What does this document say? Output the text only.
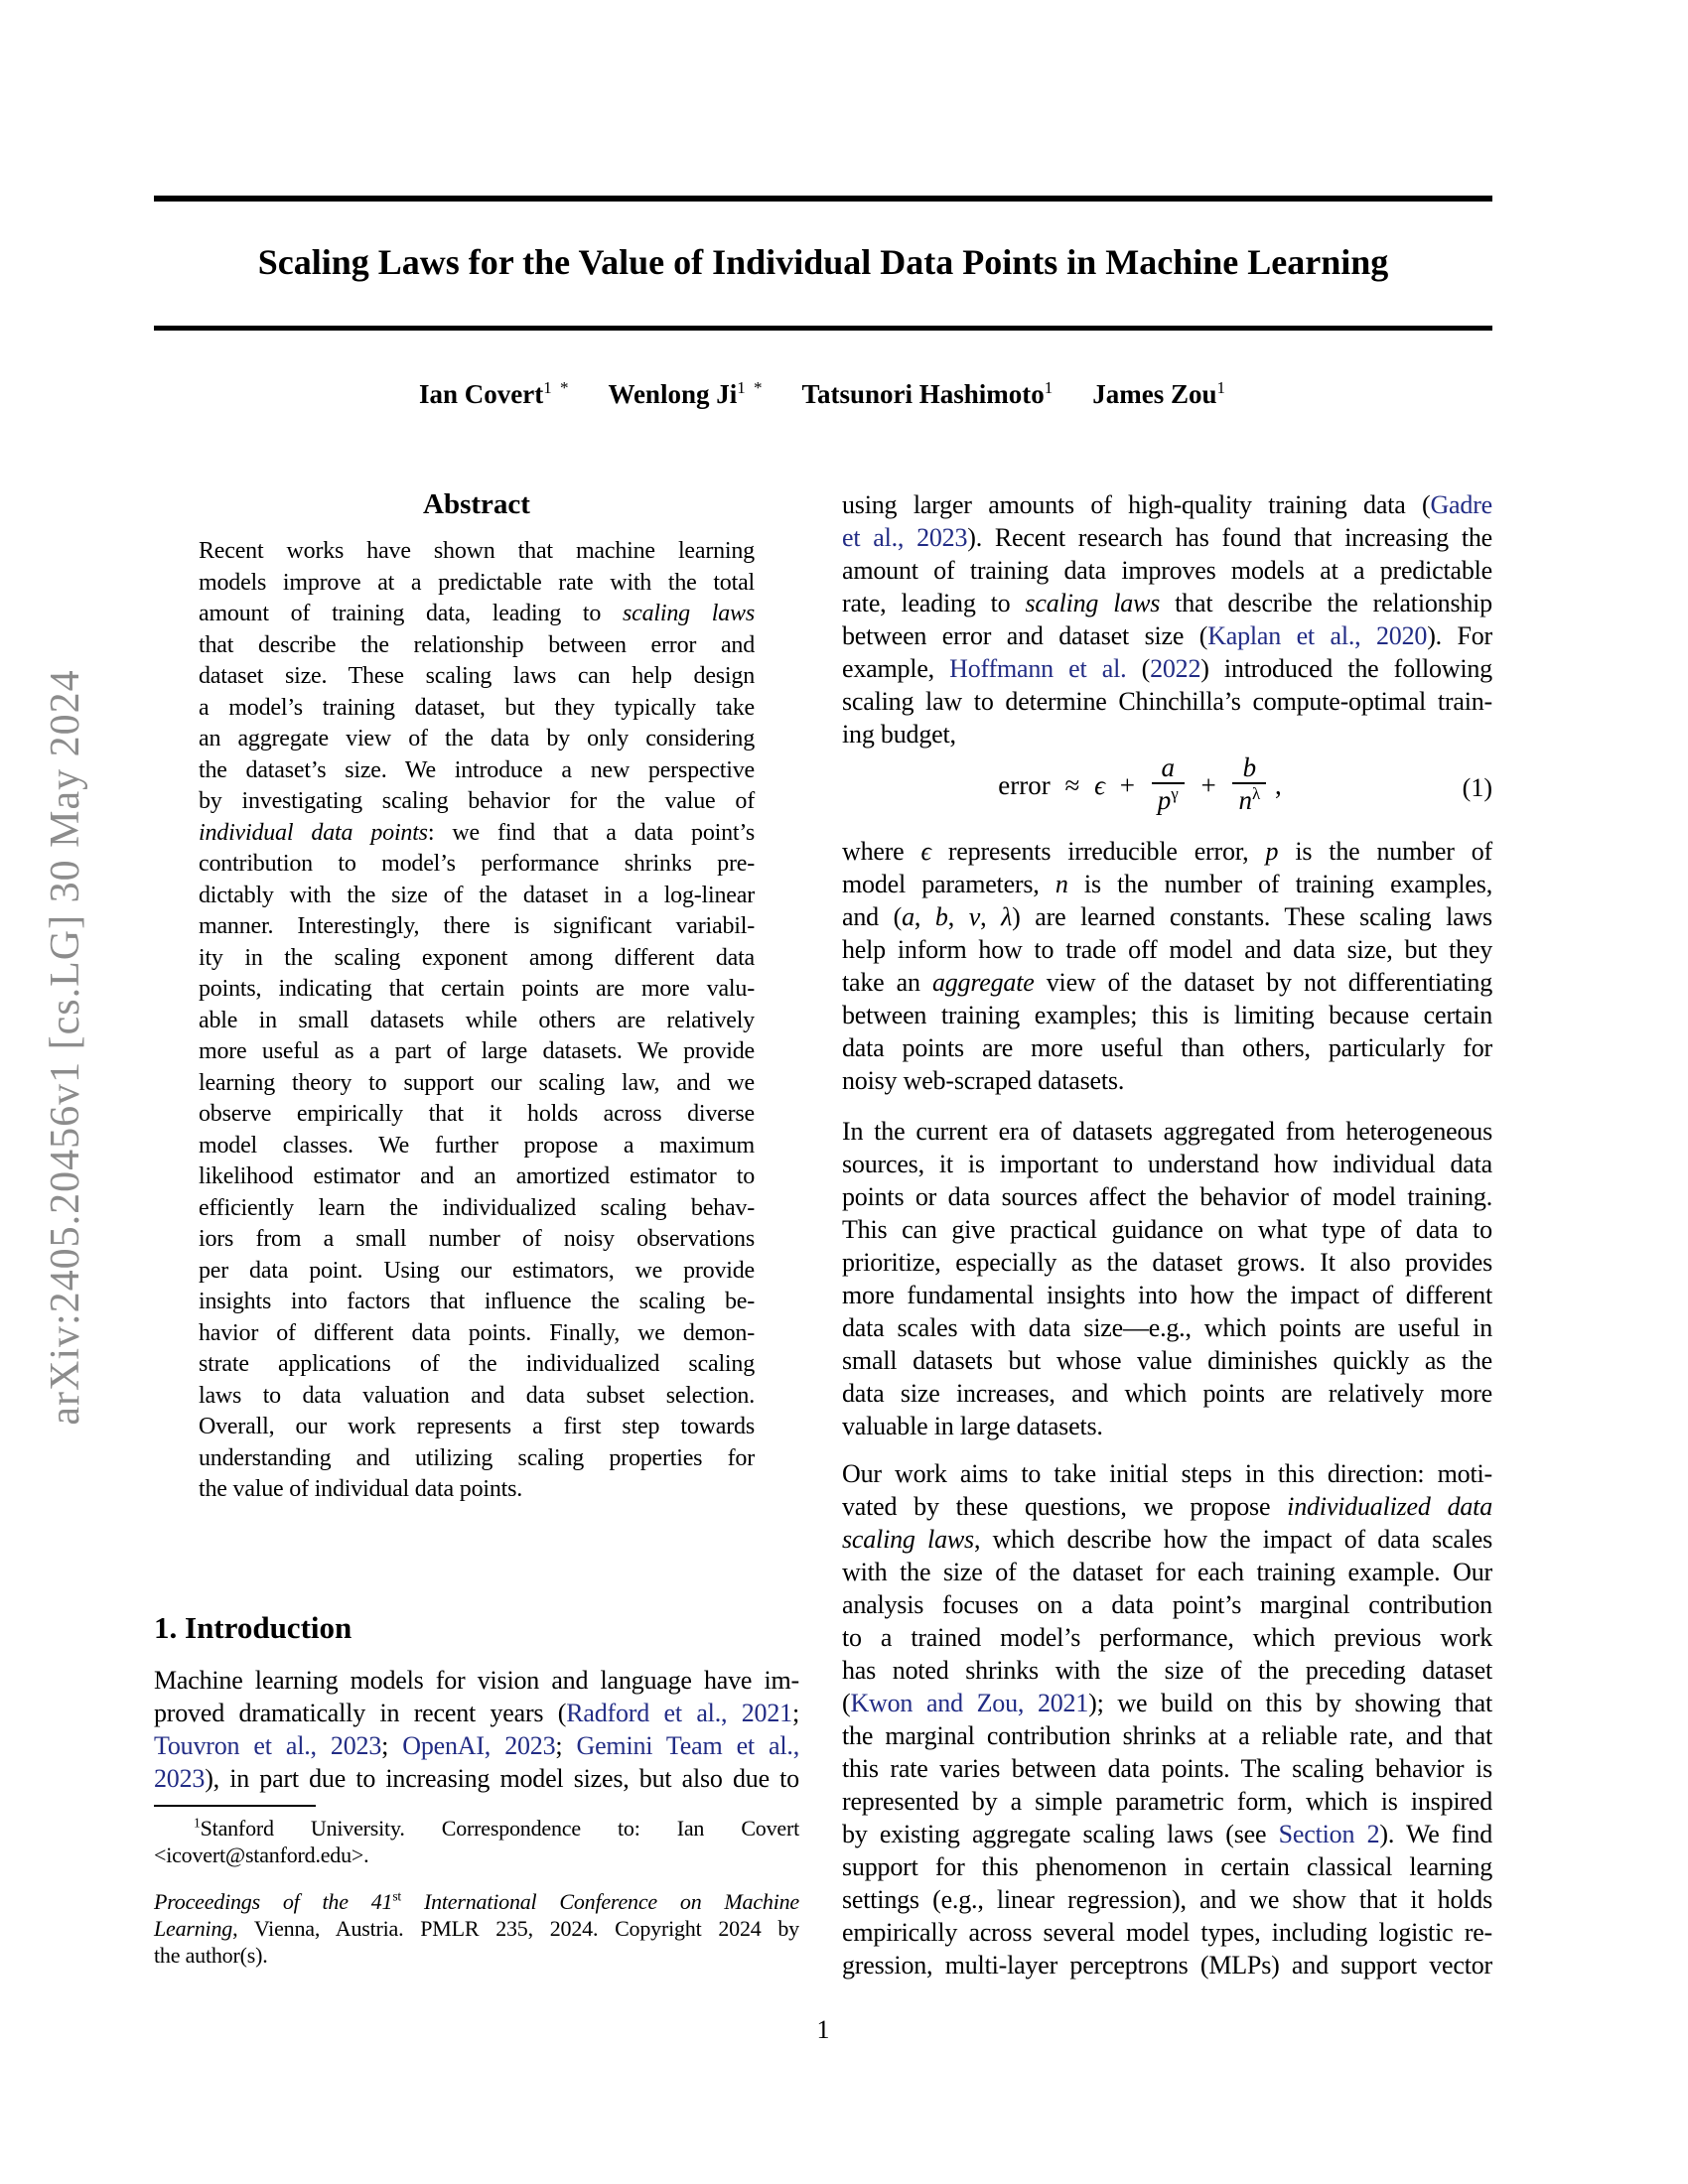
arXiv:2405.20456v1 [cs.LG] 30 May 2024
Scaling Laws for the Value of Individual Data Points in Machine Learning
Ian Covert$^{1 *}$ Wenlong $Ji^{1 *}$ Tatsunori Hashimoto$^1$ James Zou$^1$
Abstract
Recent works have shown that machine learning
models improve at a predictable rate with the total
amount of training data, leading to scaling laws
that describe the relationship between error and
dataset size. These scaling laws can help design
a model’s training dataset, but they typically take
an aggregate view of the data by only considering
the dataset’s size. We introduce a new perspective
by investigating scaling behavior for the value of
individual data points: we find that a data point’s
contribution to model’s performance shrinks pre-
dictably with the size of the dataset in a log-linear
manner. Interestingly, there is significant variabil-
ity in the scaling exponent among different data
points, indicating that certain points are more valu-
able in small datasets while others are relatively
more useful as a part of large datasets. We provide
learning theory to support our scaling law, and we
observe empirically that it holds across diverse
model classes. We further propose a maximum
likelihood estimator and an amortized estimator to
efficiently learn the individualized scaling behav-
iors from a small number of noisy observations
per data point. Using our estimators, we provide
insights into factors that influence the scaling be-
havior of different data points. Finally, we demon-
strate applications of the individualized scaling
laws to data valuation and data subset selection.
Overall, our work represents a first step towards
understanding and utilizing scaling properties for
the value of individual data points.
1. Introduction
Machine learning models for vision and language have im-
proved dramatically in recent years (Radford et al., 2021;
Touvron et al., 2023; OpenAI, 2023; Gemini Team et al.,
2023), in part due to increasing model sizes, but also due to
$^1$Stanford University. Correspondence to: Ian Covert
<icovert@stanford.edu>.
Proceedings of the 41st International Conference on Machine
Learning, Vienna, Austria. PMLR 235, 2024. Copyright 2024 by
the author(s).
using larger amounts of high-quality training data (Gadre
et al., 2023). Recent research has found that increasing the
amount of training data improves models at a predictable
rate, leading to scaling laws that describe the relationship
between error and dataset size (Kaplan et al., 2020). For
example, Hoffmann et al. (2022) introduced the following
scaling law to determine Chinchilla’s compute-optimal train-
ing budget,
error ≈ $\epsilon + \frac{a}{p^\gamma} + \frac{b}{n^\lambda}$ ,	(1)
where ϵ represents irreducible error, p is the number of
model parameters, n is the number of training examples,
and (a, b, ν, λ) are learned constants. These scaling laws
help inform how to trade off model and data size, but they
take an aggregate view of the dataset by not differentiating
between training examples; this is limiting because certain
data points are more useful than others, particularly for
noisy web-scraped datasets.
In the current era of datasets aggregated from heterogeneous
sources, it is important to understand how individual data
points or data sources affect the behavior of model training.
This can give practical guidance on what type of data to
prioritize, especially as the dataset grows. It also provides
more fundamental insights into how the impact of different
data scales with data size—e.g., which points are useful in
small datasets but whose value diminishes quickly as the
data size increases, and which points are relatively more
valuable in large datasets.
Our work aims to take initial steps in this direction: moti-
vated by these questions, we propose individualized data
scaling laws, which describe how the impact of data scales
with the size of the dataset for each training example. Our
analysis focuses on a data point’s marginal contribution
to a trained model’s performance, which previous work
has noted shrinks with the size of the preceding dataset
(Kwon and Zou, 2021); we build on this by showing that
the marginal contribution shrinks at a reliable rate, and that
this rate varies between data points. The scaling behavior is
represented by a simple parametric form, which is inspired
by existing aggregate scaling laws (see Section 2). We find
support for this phenomenon in certain classical learning
settings (e.g., linear regression), and we show that it holds
empirically across several model types, including logistic re-
gression, multi-layer perceptrons (MLPs) and support vector
1
